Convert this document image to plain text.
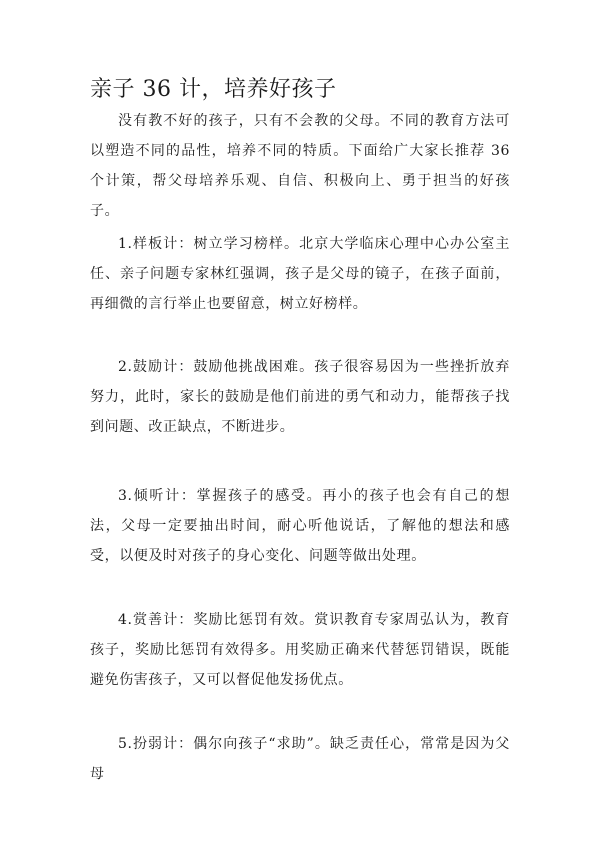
亲子 36 计，培养好孩子

没有教不好的孩子，只有不会教的父母。不同的教育方法可以塑造不同的品性，培养不同的特质。下面给广大家长推荐 36 个计策，帮父母培养乐观、自信、积极向上、勇于担当的好孩子。

1.样板计：树立学习榜样。北京大学临床心理中心办公室主任、亲子问题专家林红强调，孩子是父母的镜子，在孩子面前，再细微的言行举止也要留意，树立好榜样。

2.鼓励计：鼓励他挑战困难。孩子很容易因为一些挫折放弃努力，此时，家长的鼓励是他们前进的勇气和动力，能帮孩子找到问题、改正缺点，不断进步。

3.倾听计：掌握孩子的感受。再小的孩子也会有自己的想法，父母一定要抽出时间，耐心听他说话，了解他的想法和感受，以便及时对孩子的身心变化、问题等做出处理。

4.赏善计：奖励比惩罚有效。赏识教育专家周弘认为，教育孩子，奖励比惩罚有效得多。用奖励正确来代替惩罚错误，既能避免伤害孩子，又可以督促他发扬优点。

5.扮弱计：偶尔向孩子“求助”。缺乏责任心，常常是因为父母
